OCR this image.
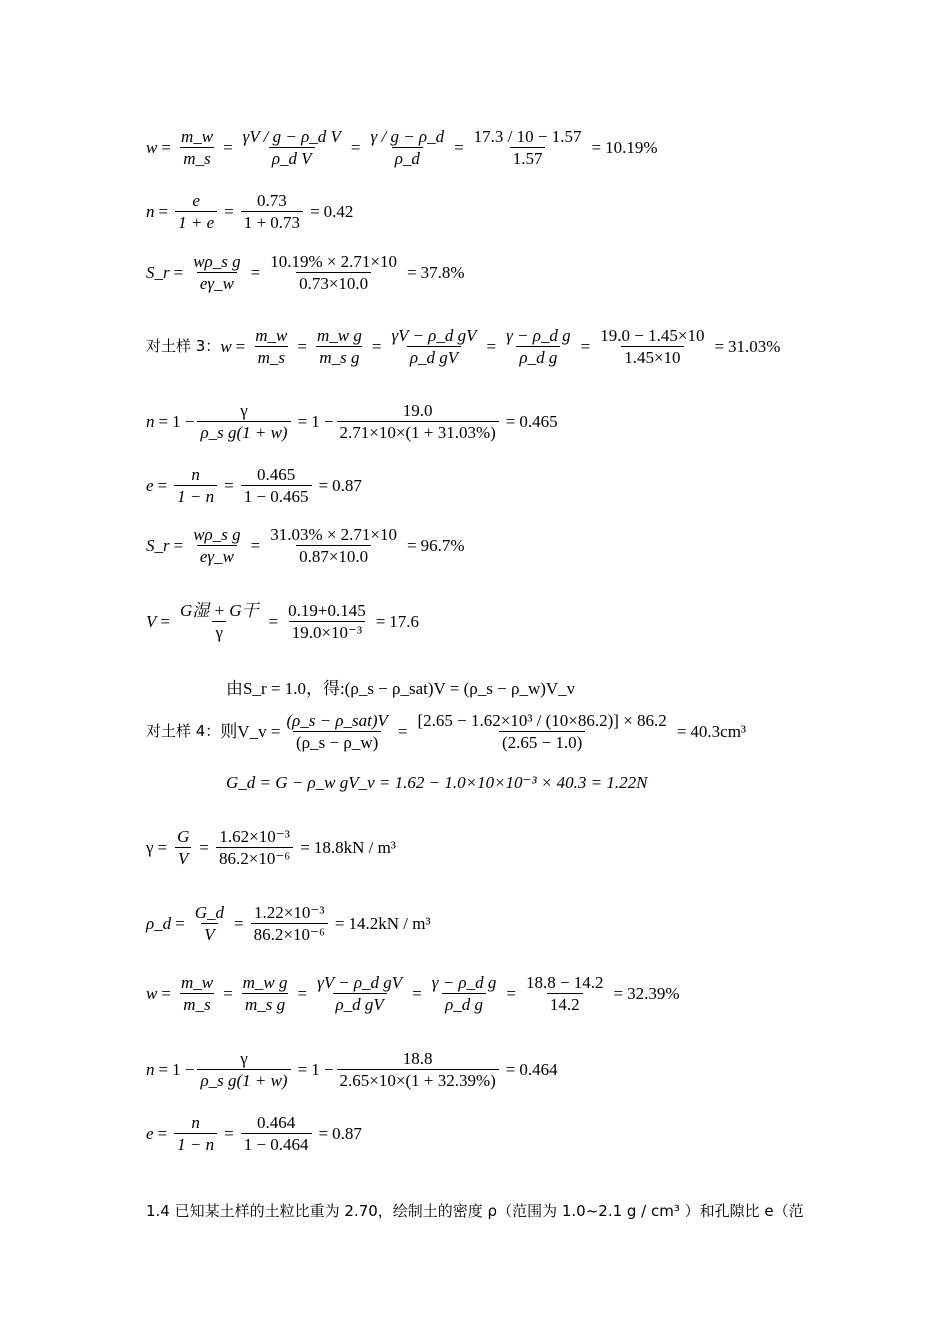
$w = \frac{m\_w}{m\_s} = \frac{\text{γV / g − ρ\_d V}}{\text{ρ\_d V}} = \frac{\gamma / g - \rho\_d}{\rho\_d} = \frac{17.3 / 10 - 1.57}{1.57} = 10.19\%$
$n = \frac{e}{1 + e} = \frac{0.73}{1 + 0.73} = 0.42$
S_r = $\frac{\text{wρ\_s g}}{e\gamma\_w} = \frac{10.19\% \times 2.71\times 10}{0.73\times 10.0} = 37.8\%$
对土样 3： $w = \frac{m\_w}{m\_s} = \frac{\text{m\_w g}}{\text{m\_s g}} = \frac{\text{γV − ρ\_d gV}}{\text{ρ\_d gV}} = \frac{\text{γ − ρ\_d g}}{\text{ρ\_d g}} = \frac{19.0 - 1.45\times 10}{1.45\times 10} = 31.03\%$
$n = 1 - \frac{\gamma}{\text{ρ\_s g(1 + w)}} = 1 - \frac{19.0}{2.71\times 10\times(1 + 31.03\%)} = 0.465$
$e = \frac{n}{1 - n} = \frac{0.465}{1 - 0.465} = 0.87$
S_r = $\frac{\text{wρ\_s g}}{e\gamma\_w} = \frac{31.03\% \times 2.71\times 10}{0.87\times 10.0} = 96.7\%$
$V = \frac{\text{G湿 + G干}}{\gamma} = \frac{0.19+0.145}{\text{19.0×10⁻³}} = 17.6$
由S_r = 1.0，得:(ρ_s − ρ_sat)V = (ρ_s − ρ_w)V_v
对土样 4： 则V_v = $\frac{\text{(ρ\_s − ρ\_sat)V}}{(\rho\_s - \rho\_w)} = \frac{\text{[2.65 − 1.62×10³ / (10×86.2)] × 86.2}}{(2.65 - 1.0)} = 40.3cm^3$
G_d = G − ρ_w gV_v = 1.62 − 1.0×10×10⁻³ × 40.3 = 1.22N
$\gamma = \frac{G}{V} = \frac{\text{1.62×10⁻³}}{\text{86.2×10⁻⁶}} = 18.8kN / m^3$
ρ_d = $\frac{G\_d}{V} = \frac{\text{1.22×10⁻³}}{\text{86.2×10⁻⁶}} = 14.2kN / m^3$
$w = \frac{m\_w}{m\_s} = \frac{\text{m\_w g}}{\text{m\_s g}} = \frac{\text{γV − ρ\_d gV}}{\text{ρ\_d gV}} = \frac{\text{γ − ρ\_d g}}{\text{ρ\_d g}} = \frac{18.8 - 14.2}{14.2} = 32.39\%$
$n = 1 - \frac{\gamma}{\text{ρ\_s g(1 + w)}} = 1 - \frac{18.8}{2.65\times 10\times(1 + 32.39\%)} = 0.464$
$e = \frac{n}{1 - n} = \frac{0.464}{1 - 0.464} = 0.87$
1.4 已知某土样的土粒比重为 2.70，绘制土的密度 ρ（范围为 1.0~2.1 g / cm³ ）和孔隙比 e（范
